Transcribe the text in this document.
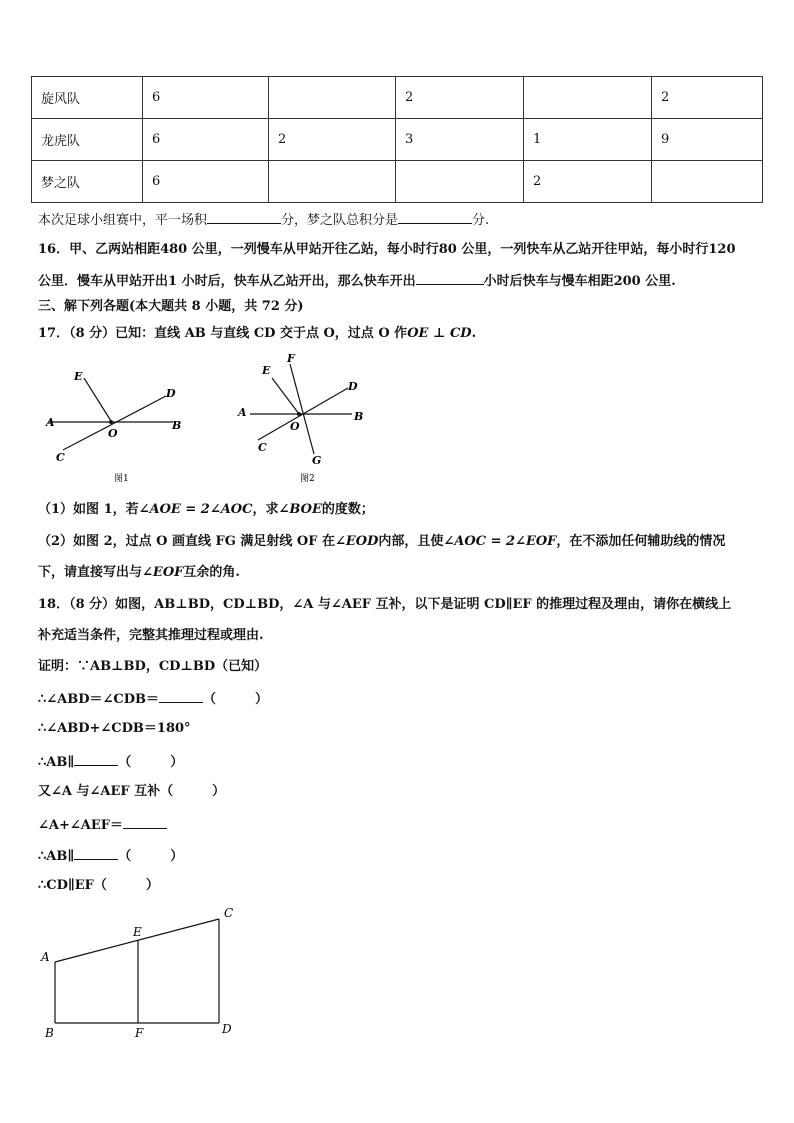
旋风队	6		2		2
龙虎队	6	2	3	1	9
梦之队	6			2	
本次足球小组赛中，平一场积	分，梦之队总积分是	分.
16．甲、乙两站相距480 公里，一列慢车从甲站开往乙站，每小时行80 公里，一列快车从乙站开往甲站，每小时行120
公里．慢车从甲站开出1 小时后，快车从乙站开出，那么快车开出	小时后快车与慢车相距200 公里.
三、解下列各题(本大题共 8 小题，共 72 分)
17．（8 分）已知：直线 AB 与直线 CD 交于点 O，过点 O 作OE ⊥ CD.
E
D
A	B
O
C
图1
F
E
D
A	B
O
C
G
图2
（1）如图 1，若∠AOE = 2∠AOC，求∠BOE的度数；
（2）如图 2，过点 O 画直线 FG 满足射线 OF 在∠EOD内部，且使∠AOC = 2∠EOF，在不添加任何辅助线的情况
下，请直接写出与∠EOF互余的角.
18．（8 分）如图，AB⊥BD，CD⊥BD，∠A 与∠AEF 互补，以下是证明 CD∥EF 的推理过程及理由，请你在横线上
补充适当条件，完整其推理过程或理由.
证明：∵AB⊥BD，CD⊥BD（已知）
∴∠ABD＝∠CDB＝	（　　　）
∴∠ABD+∠CDB＝180°
∴AB∥	（　　　）
又∠A 与∠AEF 互补（　　　）
∠A+∠AEF＝
∴AB∥	（　　　）
∴CD∥EF（　　　）
A
B
C
D
E
F
